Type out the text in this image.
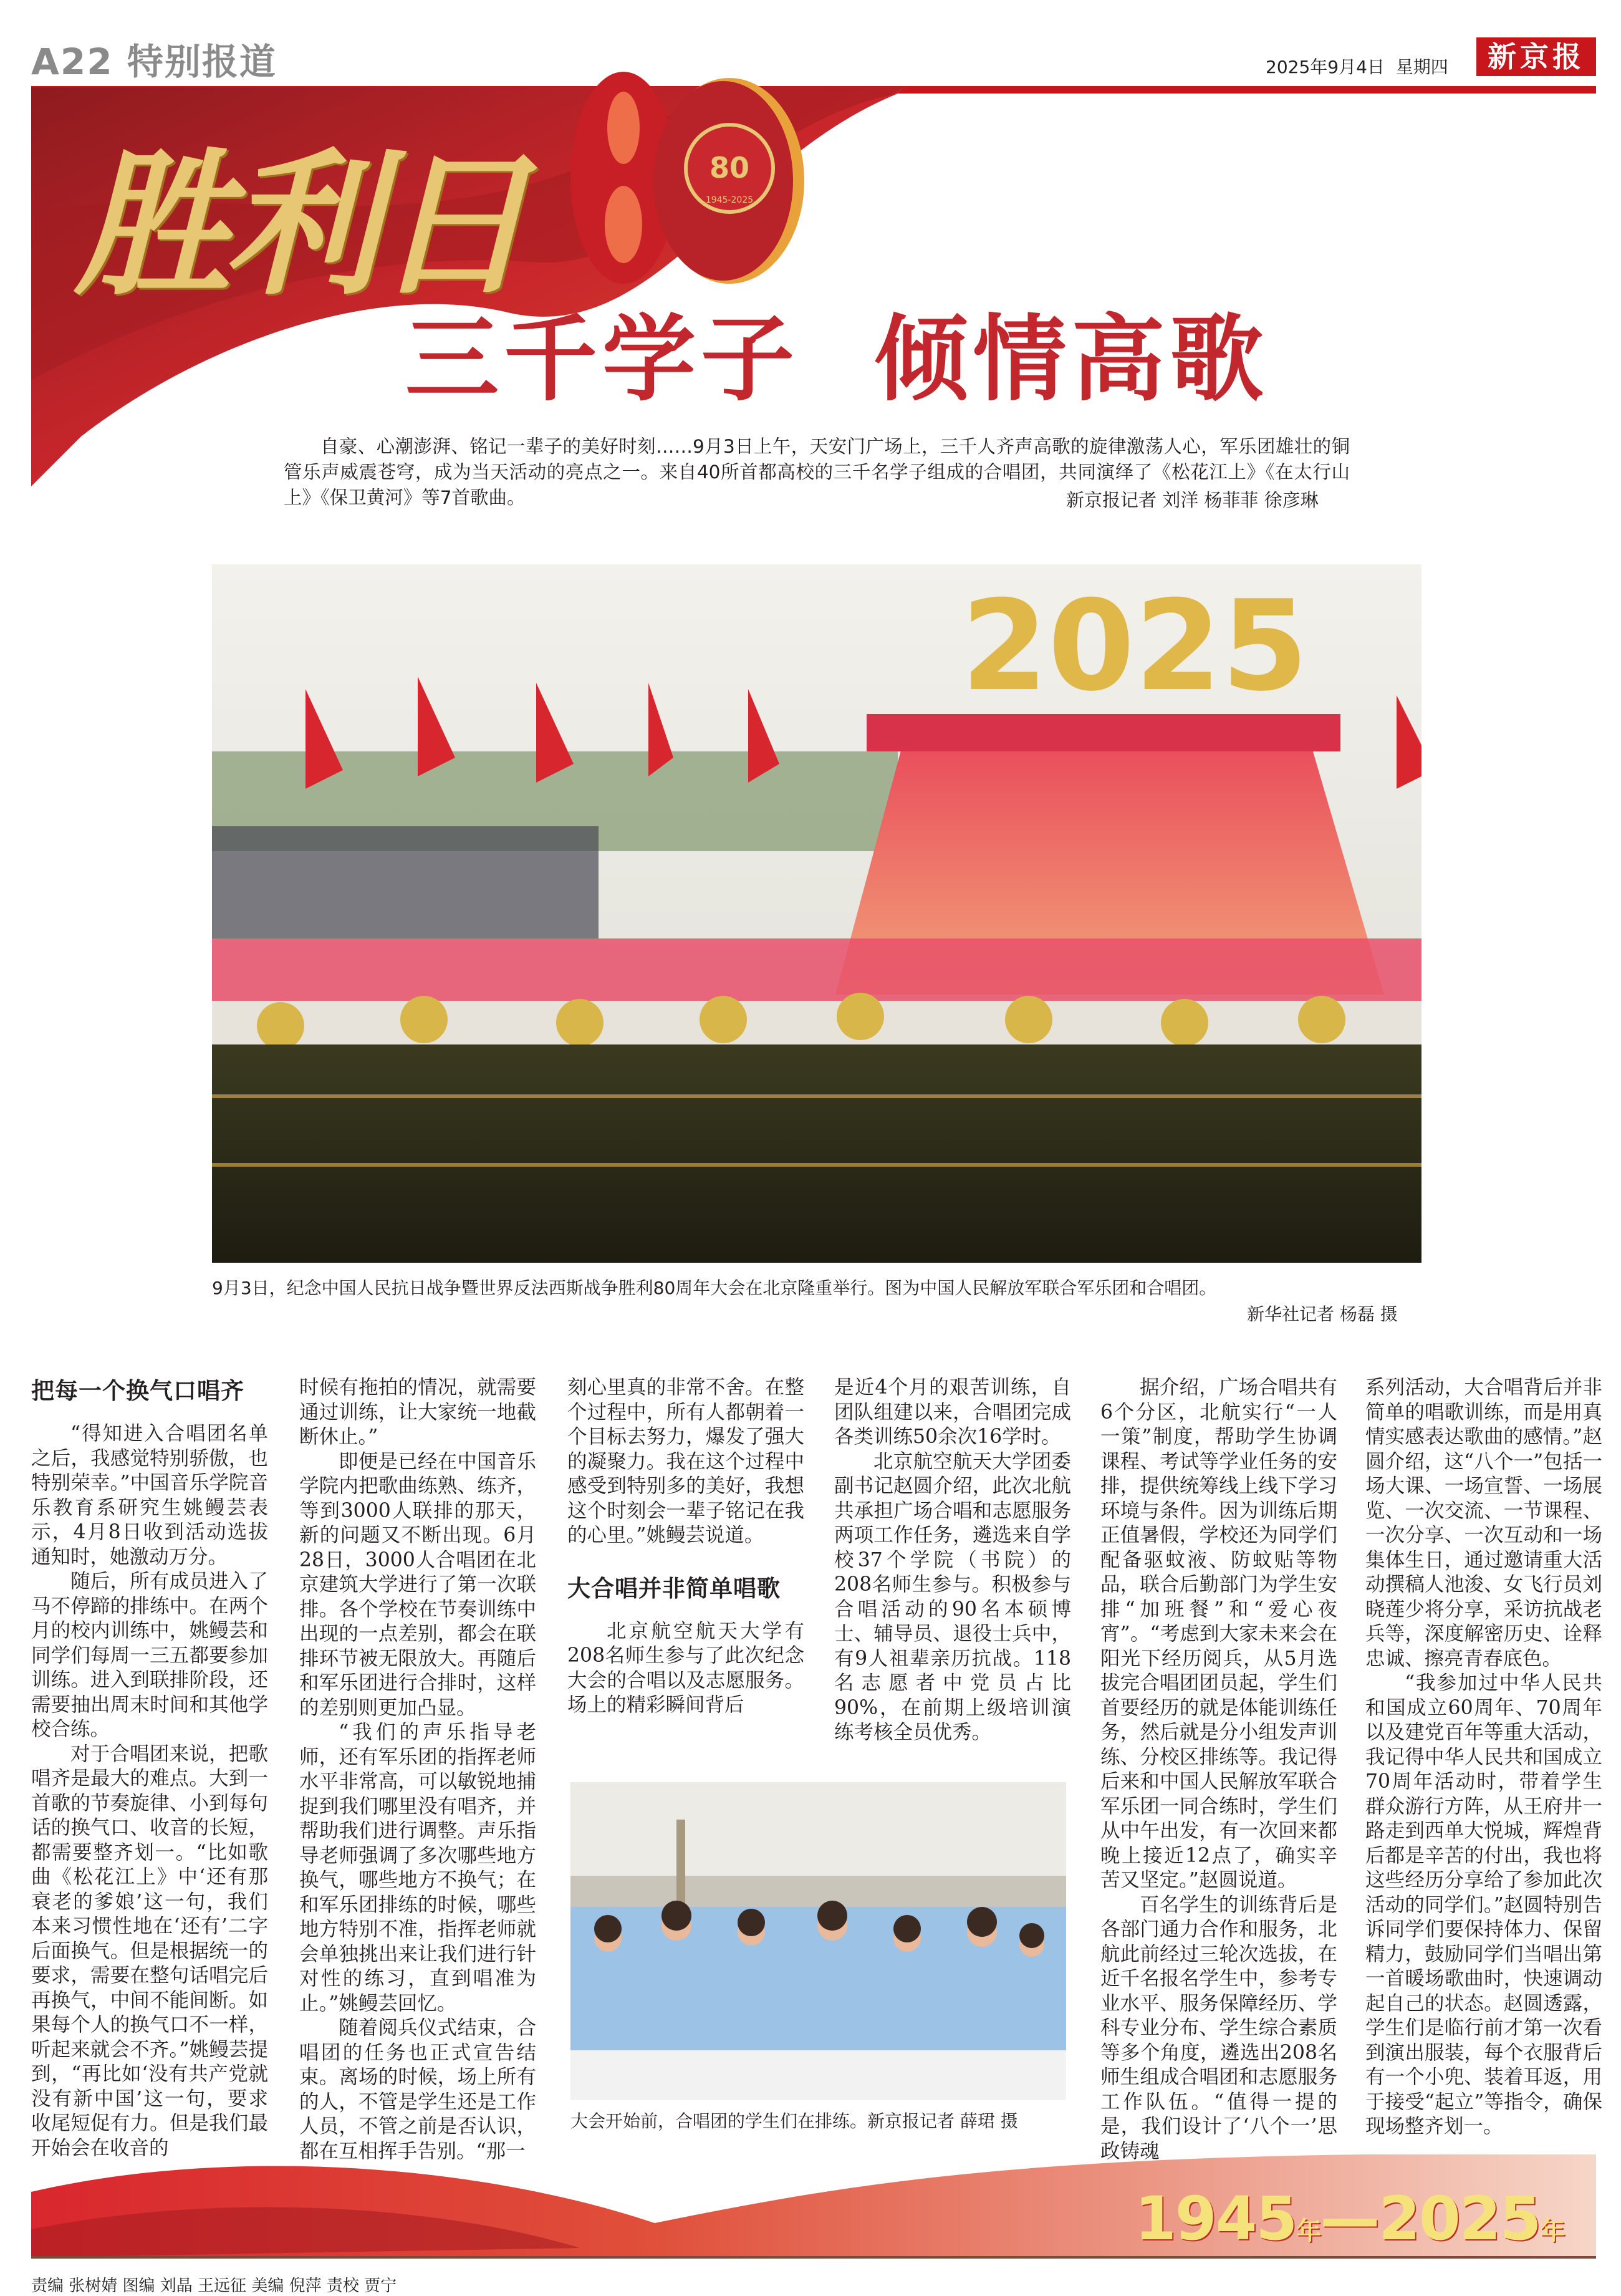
A22 特别报道	2025年9月4日 星期四	新京报
胜利日	80
1945-2025
三千学子  倾情高歌
自豪、心潮澎湃、铭记一辈子的美好时刻……9月3日上午，天安门广场上，三千人齐声高歌的旋律激荡人心，军乐团雄壮的铜管乐声威震苍穹，成为当天活动的亮点之一。来自40所首都高校的三千名学子组成的合唱团，共同演绎了《松花江上》《在太行山上》《保卫黄河》等7首歌曲。	新京报记者 刘洋 杨菲菲 徐彦琳
2025
9月3日，纪念中国人民抗日战争暨世界反法西斯战争胜利80周年大会在北京隆重举行。图为中国人民解放军联合军乐团和合唱团。
新华社记者 杨磊 摄
1945年—2025年
责编 张树婧 图编 刘晶 王远征 美编 倪萍 责校 贾宁
把每一个换气口唱齐

“得知进入合唱团名单之后，我感觉特别骄傲，也特别荣幸。”中国音乐学院音乐教育系研究生姚鳗芸表示，4月8日收到活动选拔通知时，她激动万分。

随后，所有成员进入了马不停蹄的排练中。在两个月的校内训练中，姚鳗芸和同学们每周一三五都要参加训练。进入到联排阶段，还需要抽出周末时间和其他学校合练。

对于合唱团来说，把歌唱齐是最大的难点。大到一首歌的节奏旋律、小到每句话的换气口、收音的长短，都需要整齐划一。“比如歌曲《松花江上》中‘还有那衰老的爹娘’这一句，我们本来习惯性地在‘还有’二字后面换气。但是根据统一的要求，需要在整句话唱完后再换气，中间不能间断。如果每个人的换气口不一样，听起来就会不齐。”姚鳗芸提到，“再比如‘没有共产党就没有新中国’这一句，要求收尾短促有力。但是我们最开始会在收音的

时候有拖拍的情况，就需要通过训练，让大家统一地截断休止。”

即便是已经在中国音乐学院内把歌曲练熟、练齐，等到3000人联排的那天，新的问题又不断出现。6月28日，3000人合唱团在北京建筑大学进行了第一次联排。各个学校在节奏训练中出现的一点差别，都会在联排环节被无限放大。再随后和军乐团进行合排时，这样的差别则更加凸显。

“我们的声乐指导老师，还有军乐团的指挥老师水平非常高，可以敏锐地捕捉到我们哪里没有唱齐，并帮助我们进行调整。声乐指导老师强调了多次哪些地方换气，哪些地方不换气；在和军乐团排练的时候，哪些地方特别不准，指挥老师就会单独挑出来让我们进行针对性的练习，直到唱准为止。”姚鳗芸回忆。

随着阅兵仪式结束，合唱团的任务也正式宣告结束。离场的时候，场上所有的人，不管是学生还是工作人员，不管之前是否认识，都在互相挥手告别。“那一

刻心里真的非常不舍。在整个过程中，所有人都朝着一个目标去努力，爆发了强大的凝聚力。我在这个过程中感受到特别多的美好，我想这个时刻会一辈子铭记在我的心里。”姚鳗芸说道。

大合唱并非简单唱歌

北京航空航天大学有208名师生参与了此次纪念大会的合唱以及志愿服务。场上的精彩瞬间背后

是近4个月的艰苦训练，自团队组建以来，合唱团完成各类训练50余次16学时。

北京航空航天大学团委副书记赵圆介绍，此次北航共承担广场合唱和志愿服务两项工作任务，遴选来自学校37个学院（书院）的208名师生参与。积极参与合唱活动的90名本硕博士、辅导员、退役士兵中，有9人祖辈亲历抗战。118名志愿者中党员占比90%，在前期上级培训演练考核全员优秀。

据介绍，广场合唱共有6个分区，北航实行“一人一策”制度，帮助学生协调课程、考试等学业任务的安排，提供统筹线上线下学习环境与条件。因为训练后期正值暑假，学校还为同学们配备驱蚊液、防蚊贴等物品，联合后勤部门为学生安排“加班餐”和“爱心夜宵”。“考虑到大家未来会在阳光下经历阅兵，从5月选拔完合唱团团员起，学生们首要经历的就是体能训练任务，然后就是分小组发声训练、分校区排练等。我记得后来和中国人民解放军联合军乐团一同合练时，学生们从中午出发，有一次回来都晚上接近12点了，确实辛苦又坚定。”赵圆说道。

百名学生的训练背后是各部门通力合作和服务，北航此前经过三轮次选拔，在近千名报名学生中，参考专业水平、服务保障经历、学科专业分布、学生综合素质等多个角度，遴选出208名师生组成合唱团和志愿服务工作队伍。“值得一提的是，我们设计了‘八个一’思政铸魂

系列活动，大合唱背后并非简单的唱歌训练，而是用真情实感表达歌曲的感情。”赵圆介绍，这“八个一”包括一场大课、一场宣誓、一场展览、一次交流、一节课程、一次分享、一次互动和一场集体生日，通过邀请重大活动撰稿人池浚、女飞行员刘晓莲少将分享，采访抗战老兵等，深度解密历史、诠释忠诚、擦亮青春底色。

“我参加过中华人民共和国成立60周年、70周年以及建党百年等重大活动，我记得中华人民共和国成立70周年活动时，带着学生群众游行方阵，从王府井一路走到西单大悦城，辉煌背后都是辛苦的付出，我也将这些经历分享给了参加此次活动的同学们。”赵圆特别告诉同学们要保持体力、保留精力，鼓励同学们当唱出第一首暖场歌曲时，快速调动起自己的状态。赵圆透露，学生们是临行前才第一次看到演出服装，每个衣服背后有一个小兜、装着耳返，用于接受“起立”等指令，确保现场整齐划一。

大会开始前，合唱团的学生们在排练。新京报记者 薛珺 摄
